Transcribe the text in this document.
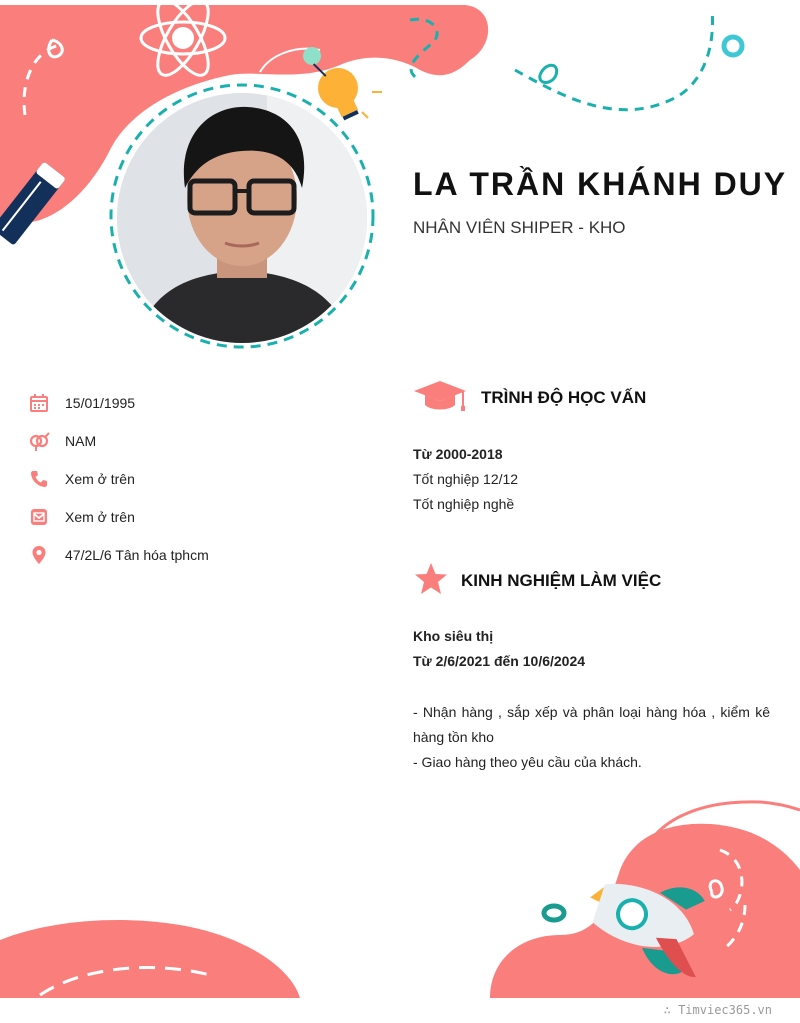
LA TRẦN KHÁNH DUY

NHÂN VIÊN SHIPER - KHO

15/01/1995
NAM
Xem ở trên
Xem ở trên
47/2L/6 Tân hóa tphcm
TRÌNH ĐỘ HỌC VẤN

Từ 2000-2018

Tốt nghiệp 12/12

Tốt nghiệp nghề

KINH NGHIỆM LÀM VIỆC

Kho siêu thị

Từ 2/6/2021 đến 10/6/2024

- Nhận hàng , sắp xếp và phân loại hàng hóa , kiểm kê hàng tồn kho

- Giao hàng theo yêu cầu của khách.

∴ Timviec365.vn
